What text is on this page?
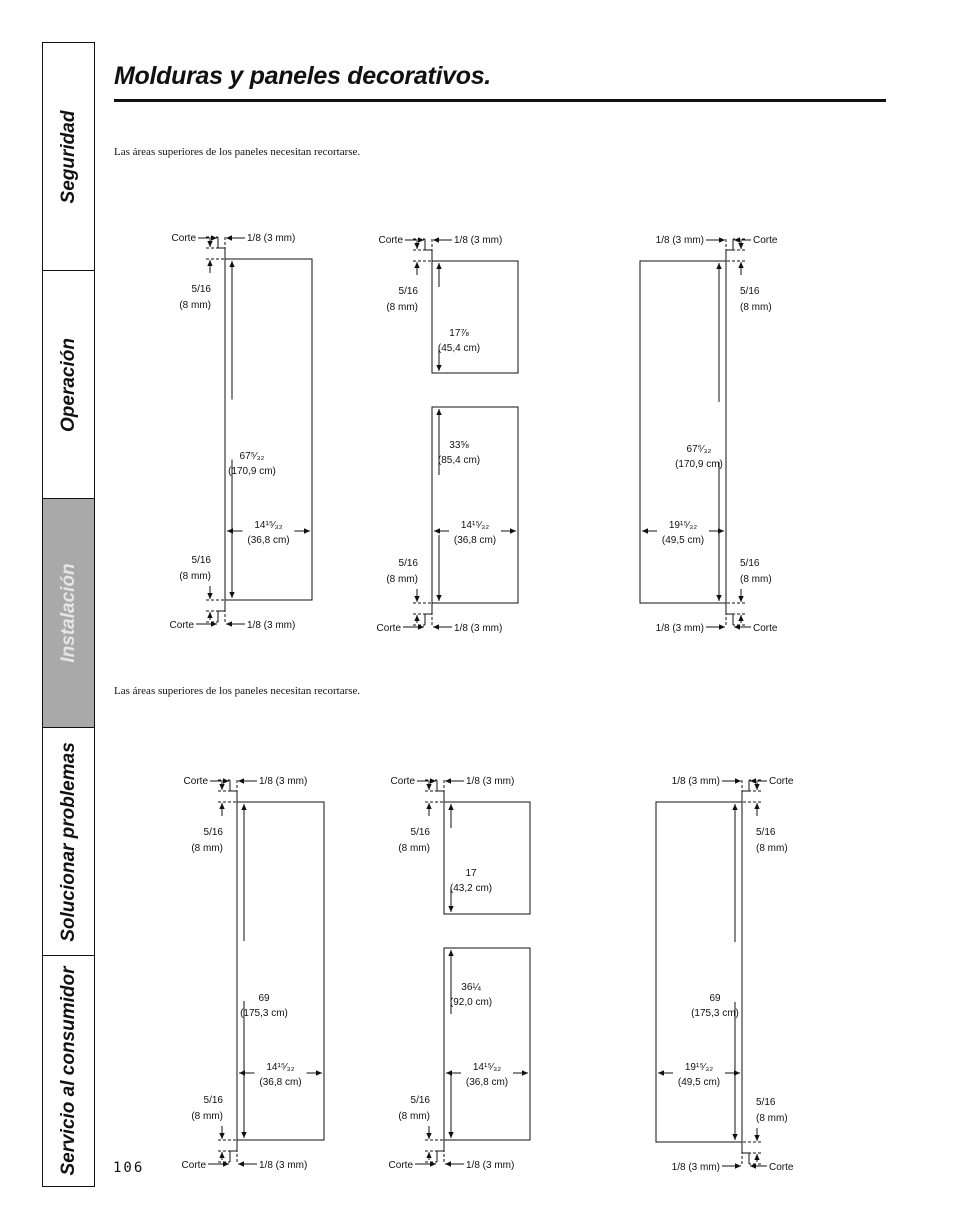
Seguridad
Operación
Instalación
Solucionar problemas
Servicio al consumidor
Molduras y paneles decorativos.
Las áreas superiores de los paneles necesitan recortarse.
Las áreas superiores de los paneles necesitan recortarse.
Corte	1/8 (3 mm)
5/16
(8 mm)
Corte	1/8 (3 mm)
5/16
(8 mm)
67⁵⁄₃₂
(170,9 cm)
14¹⁵⁄₃₂
(36,8 cm)
Corte	1/8 (3 mm)
5/16
(8 mm)
17⅞
(45,4 cm)
Corte	1/8 (3 mm)
5/16
(8 mm)
33⅝
(85,4 cm)
14¹⁵⁄₃₂
(36,8 cm)
Corte
1/8 (3 mm)
5/16
(8 mm)
Corte
1/8 (3 mm)
5/16
(8 mm)
67⁵⁄₃₂
(170,9 cm)
19¹⁵⁄₃₂
(49,5 cm)
Corte	1/8 (3 mm)
5/16
(8 mm)
Corte	1/8 (3 mm)
5/16
(8 mm)
69
(175,3 cm)
14¹⁵⁄₃₂
(36,8 cm)
Corte	1/8 (3 mm)
5/16
(8 mm)
17
(43,2 cm)
Corte	1/8 (3 mm)
5/16
(8 mm)
36¼
(92,0 cm)
14¹⁵⁄₃₂
(36,8 cm)
Corte
1/8 (3 mm)
5/16
(8 mm)
Corte
1/8 (3 mm)
5/16
(8 mm)
69
(175,3 cm)
19¹⁵⁄₃₂
(49,5 cm)
106
